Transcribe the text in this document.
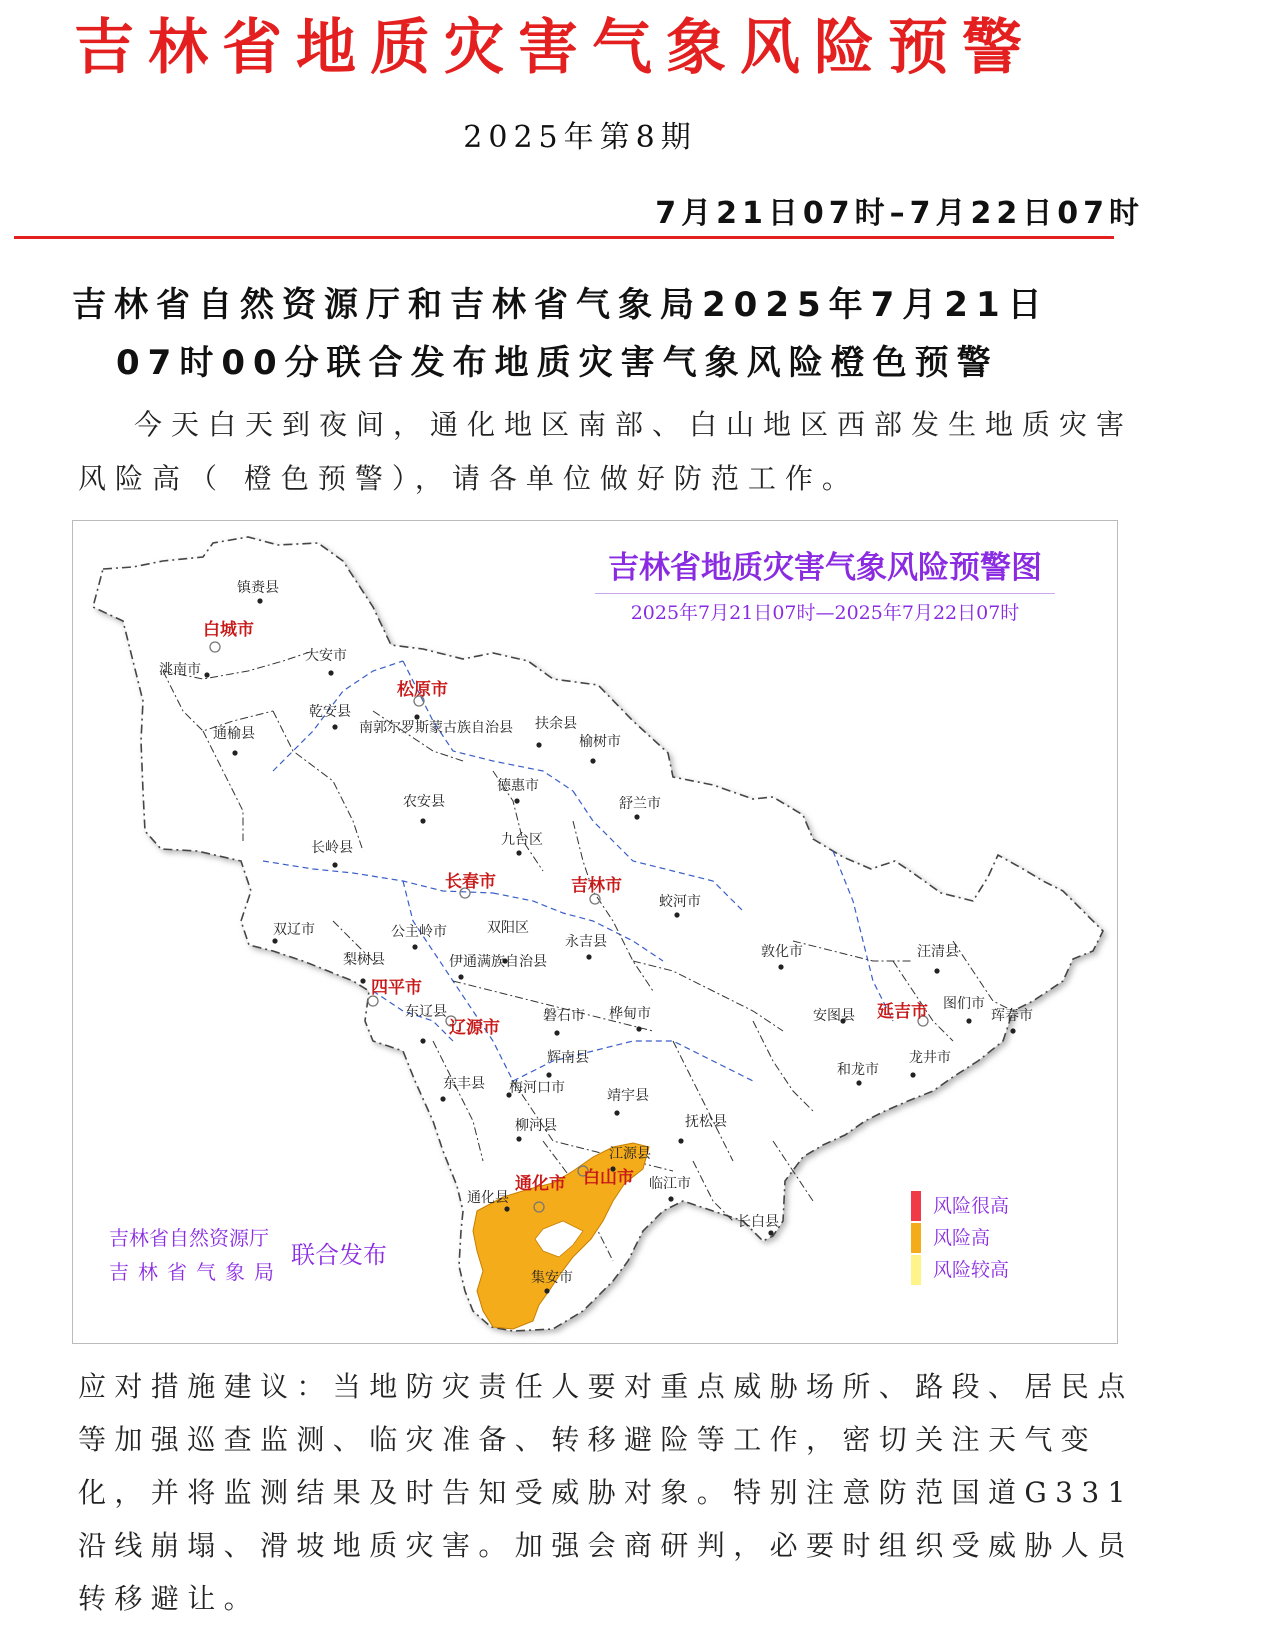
吉林省地质灾害气象风险预警
2025年第8期
7月21日07时–7月22日07时
吉林省自然资源厅和吉林省气象局2025年7月21日
07时00分联合发布地质灾害气象风险橙色预警
今天白天到夜间，通化地区南部、白山地区西部发生地质灾害风险高（ 橙色预警），请各单位做好防范工作。
吉林省地质灾害气象风险预警图
2025年7月21日07时—2025年7月22日07时
白城市
松原市
长春市	吉林市
四平市
辽源市
通化市 白山市
延吉市
镇赉县
大安市
洮南市
乾安县
南郭尔罗斯蒙古族自治县 扶余县
通榆县	榆树市
德惠市
农安县	舒兰市
九台区
长岭县
蛟河市
双辽市	公主岭市	双阳区
永吉县
敦化市	汪清县
梨树县	伊通满族自治县
东辽县	磐石市 桦甸市	安图县
图们市
珲春市
辉南县
和龙市
龙井市
东丰县 梅河口市	靖宇县
柳河县	抚松县
江源县
临江市
通化县
长白县
集安市
风险很高
风险高
风险较高
吉林省自然资源厅
吉林省气象局
联合发布
应对措施建议：当地防灾责任人要对重点威胁场所、路段、居民点等加强巡查监测、临灾准备、转移避险等工作，密切关注天气变化，并将监测结果及时告知受威胁对象。特别注意防范国道G331沿线崩塌、滑坡地质灾害。加强会商研判，必要时组织受威胁人员转移避让。
